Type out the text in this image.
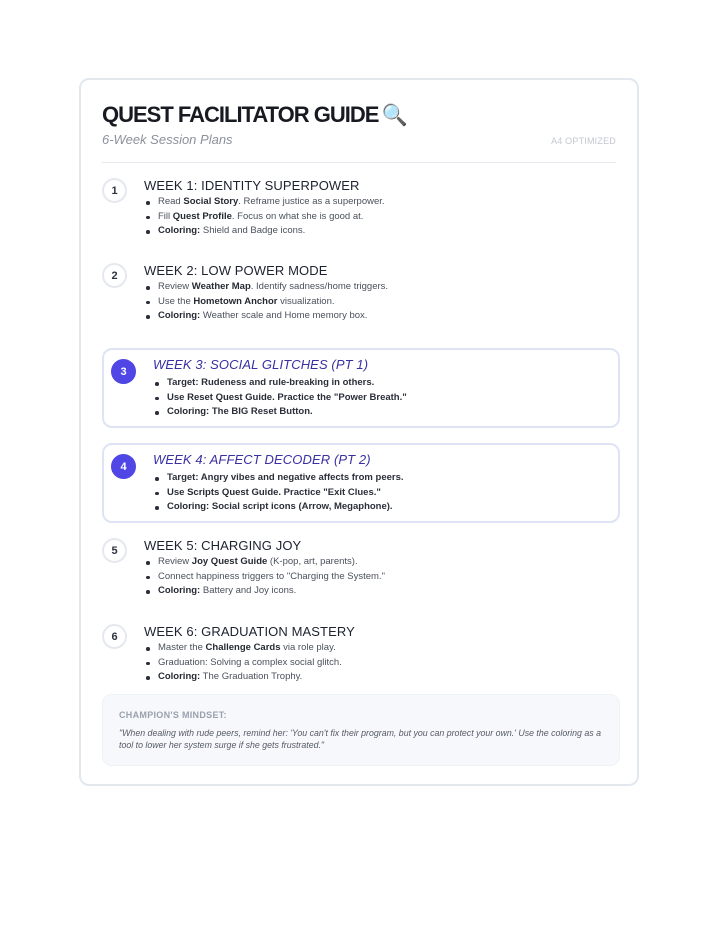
QUEST FACILITATOR GUIDE 🔍
6-Week Session Plans	A4 OPTIMIZED
1	WEEK 1: IDENTITY SUPERPOWER
Read Social Story. Reframe justice as a superpower.
Fill Quest Profile. Focus on what she is good at.
Coloring: Shield and Badge icons.
2	WEEK 2: LOW POWER MODE
Review Weather Map. Identify sadness/home triggers.
Use the Hometown Anchor visualization.
Coloring: Weather scale and Home memory box.
3	WEEK 3: SOCIAL GLITCHES (PT 1)
Target: Rudeness and rule-breaking in others.
Use Reset Quest Guide. Practice the "Power Breath."
Coloring: The BIG Reset Button.
4	WEEK 4: AFFECT DECODER (PT 2)
Target: Angry vibes and negative affects from peers.
Use Scripts Quest Guide. Practice "Exit Clues."
Coloring: Social script icons (Arrow, Megaphone).
5	WEEK 5: CHARGING JOY
Review Joy Quest Guide (K-pop, art, parents).
Connect happiness triggers to "Charging the System."
Coloring: Battery and Joy icons.
6	WEEK 6: GRADUATION MASTERY
Master the Challenge Cards via role play.
Graduation: Solving a complex social glitch.
Coloring: The Graduation Trophy.
CHAMPION'S MINDSET:

"When dealing with rude peers, remind her: 'You can't fix their program, but you can protect your own.' Use the coloring as a tool to lower her system surge if she gets frustrated."
